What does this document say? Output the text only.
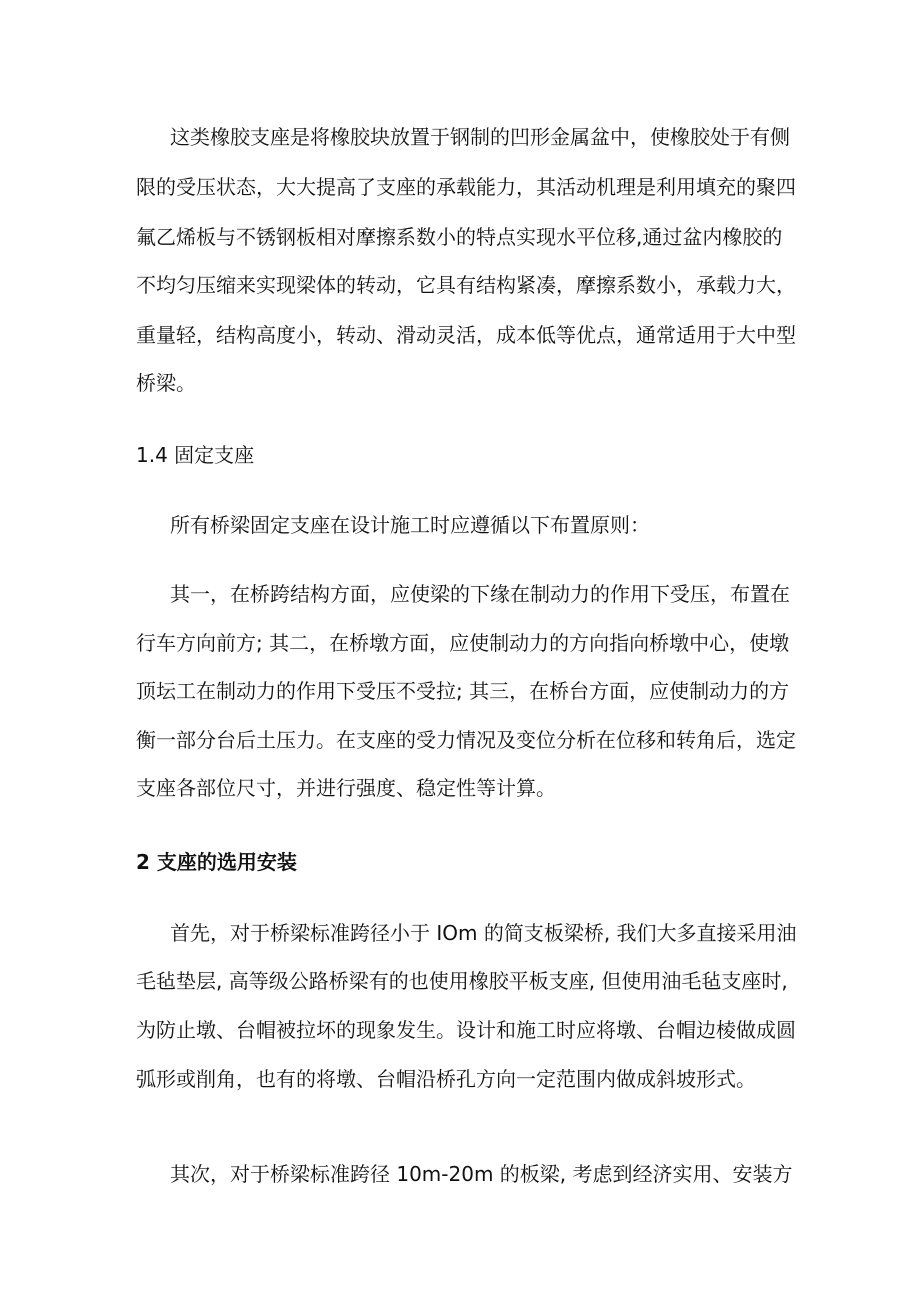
这类橡胶支座是将橡胶块放置于钢制的凹形金属盆中，使橡胶处于有侧

限的受压状态，大大提高了支座的承载能力，其活动机理是利用填充的聚四

氟乙烯板与不锈钢板相对摩擦系数小的特点实现水平位移,通过盆内橡胶的

不均匀压缩来实现梁体的转动，它具有结构紧凑，摩擦系数小，承载力大，

重量轻，结构高度小，转动、滑动灵活，成本低等优点，通常适用于大中型

桥梁。

1.4 固定支座

所有桥梁固定支座在设计施工时应遵循以下布置原则：

其一，在桥跨结构方面，应使梁的下缘在制动力的作用下受压，布置在

行车方向前方; 其二，在桥墩方面，应使制动力的方向指向桥墩中心，使墩

顶坛工在制动力的作用下受压不受拉; 其三，在桥台方面，应使制动力的方

衡一部分台后土压力。在支座的受力情况及变位分析在位移和转角后，选定

支座各部位尺寸，并进行强度、稳定性等计算。

2 支座的选用安装

首先，对于桥梁标准跨径小于 IOm 的简支板梁桥, 我们大多直接采用油

毛毡垫层, 高等级公路桥梁有的也使用橡胶平板支座, 但使用油毛毡支座时,

为防止墩、台帽被拉坏的现象发生。设计和施工时应将墩、台帽边棱做成圆

弧形或削角，也有的将墩、台帽沿桥孔方向一定范围内做成斜坡形式。

其次，对于桥梁标准跨径 10m-20m 的板梁, 考虑到经济实用、安装方
